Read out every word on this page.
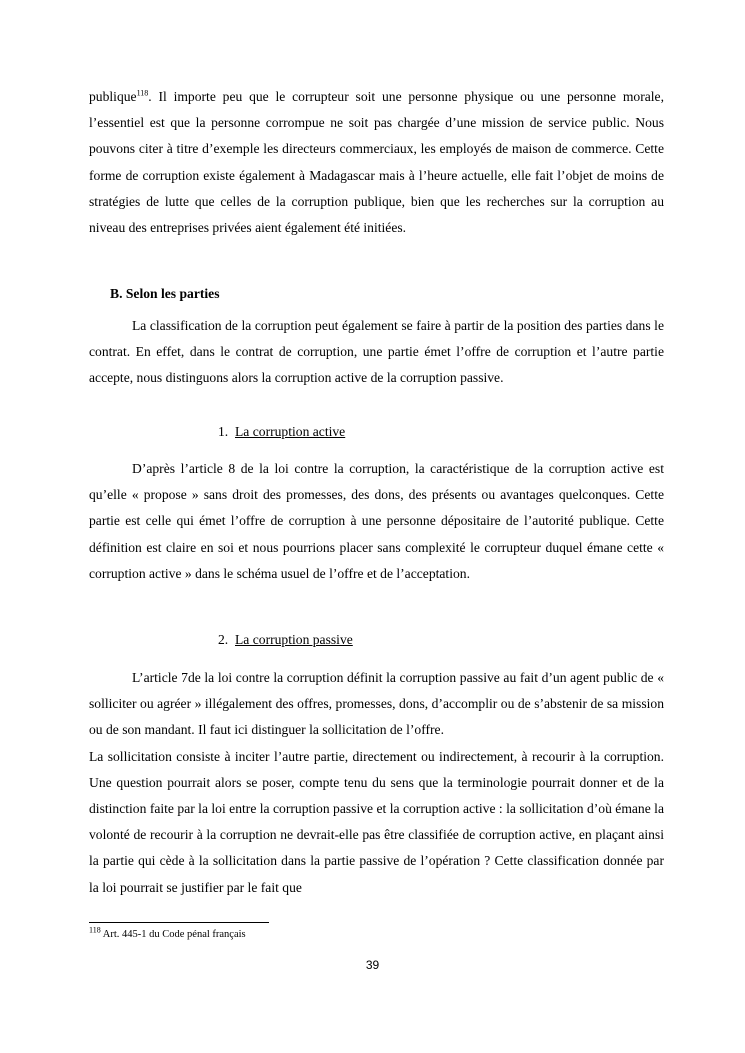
publique$^{118}$. Il importe peu que le corrupteur soit une personne physique ou une personne morale, l’essentiel est que la personne corrompue ne soit pas chargée d’une mission de service public. Nous pouvons citer à titre d’exemple les directeurs commerciaux, les employés de maison de commerce. Cette forme de corruption existe également à Madagascar mais à l’heure actuelle, elle fait l’objet de moins de stratégies de lutte que celles de la corruption publique, bien que les recherches sur la corruption au niveau des entreprises privées aient également été initiées.

B. Selon les parties

La classification de la corruption peut également se faire à partir de la position des parties dans le contrat. En effet, dans le contrat de corruption, une partie émet l’offre de corruption et l’autre partie accepte, nous distinguons alors la corruption active de la corruption passive.

1. La corruption active

D’après l’article 8 de la loi contre la corruption, la caractéristique de la corruption active est qu’elle « propose » sans droit des promesses, des dons, des présents ou avantages quelconques. Cette partie est celle qui émet l’offre de corruption à une personne dépositaire de l’autorité publique. Cette définition est claire en soi et nous pourrions placer sans complexité le corrupteur duquel émane cette « corruption active » dans le schéma usuel de l’offre et de l’acceptation.

2. La corruption passive

L’article 7de la loi contre la corruption définit la corruption passive au fait d’un agent public de « solliciter ou agréer » illégalement des offres, promesses, dons, d’accomplir ou de s’abstenir de sa mission ou de son mandant. Il faut ici distinguer la sollicitation de l’offre.

La sollicitation consiste à inciter l’autre partie, directement ou indirectement, à recourir à la corruption. Une question pourrait alors se poser, compte tenu du sens que la terminologie pourrait donner et de la distinction faite par la loi entre la corruption passive et la corruption active : la sollicitation d’où émane la volonté de recourir à la corruption ne devrait-elle pas être classifiée de corruption active, en plaçant ainsi la partie qui cède à la sollicitation dans la partie passive de l’opération ? Cette classification donnée par la loi pourrait se justifier par le fait que

$^{118}$ Art. 445-1 du Code pénal français
39
